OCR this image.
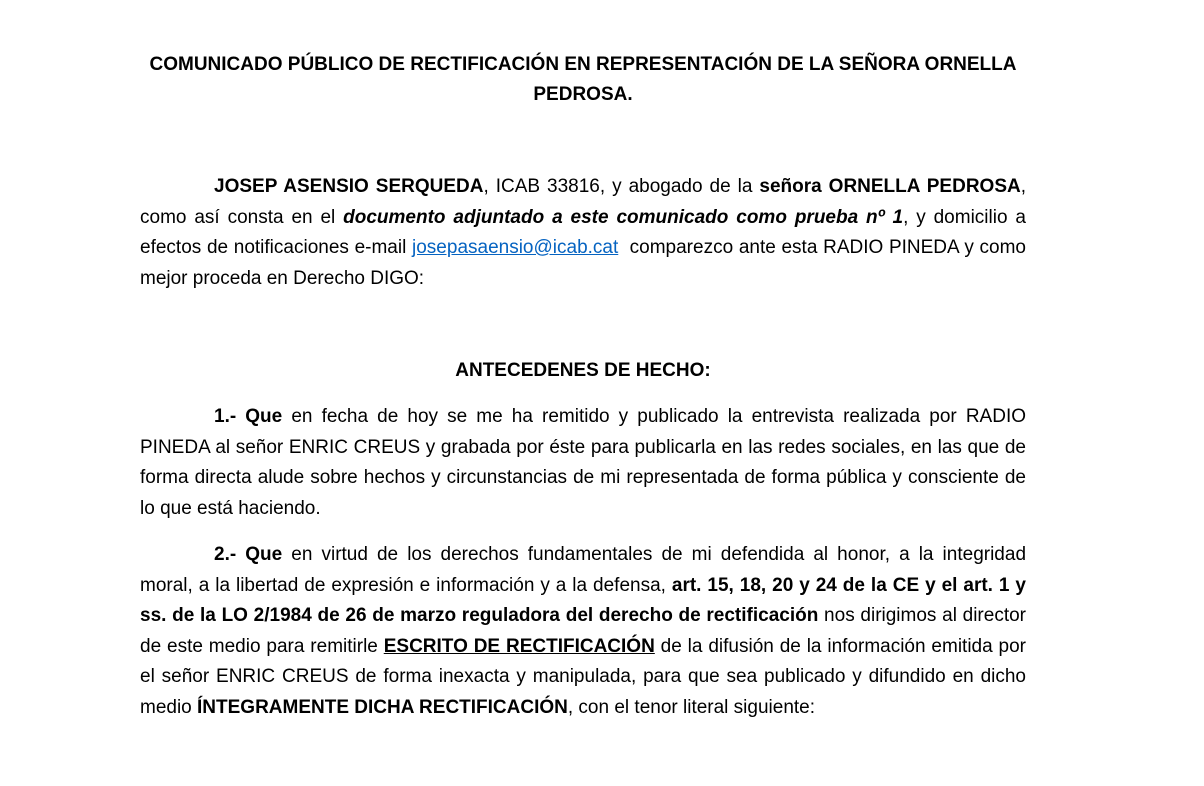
COMUNICADO PÚBLICO DE RECTIFICACIÓN EN REPRESENTACIÓN DE LA SEÑORA ORNELLA PEDROSA.
JOSEP ASENSIO SERQUEDA, ICAB 33816, y abogado de la señora ORNELLA PEDROSA, como así consta en el documento adjuntado a este comunicado como prueba nº 1, y domicilio a efectos de notificaciones e-mail josepasaensio@icab.cat  comparezco ante esta RADIO PINEDA y como mejor proceda en Derecho DIGO:
ANTECEDENES DE HECHO:
1.- Que en fecha de hoy se me ha remitido y publicado la entrevista realizada por RADIO PINEDA al señor ENRIC CREUS y grabada por éste para publicarla en las redes sociales, en las que de forma directa alude sobre hechos y circunstancias de mi representada de forma pública y consciente de lo que está haciendo.
2.- Que en virtud de los derechos fundamentales de mi defendida al honor, a la integridad moral, a la libertad de expresión e información y a la defensa, art. 15, 18, 20 y 24 de la CE y el art. 1 y ss. de la LO 2/1984 de 26 de marzo reguladora del derecho de rectificación nos dirigimos al director de este medio para remitirle ESCRITO DE RECTIFICACIÓN de la difusión de la información emitida por el señor ENRIC CREUS de forma inexacta y manipulada, para que sea publicado y difundido en dicho medio ÍNTEGRAMENTE DICHA RECTIFICACIÓN, con el tenor literal siguiente:
